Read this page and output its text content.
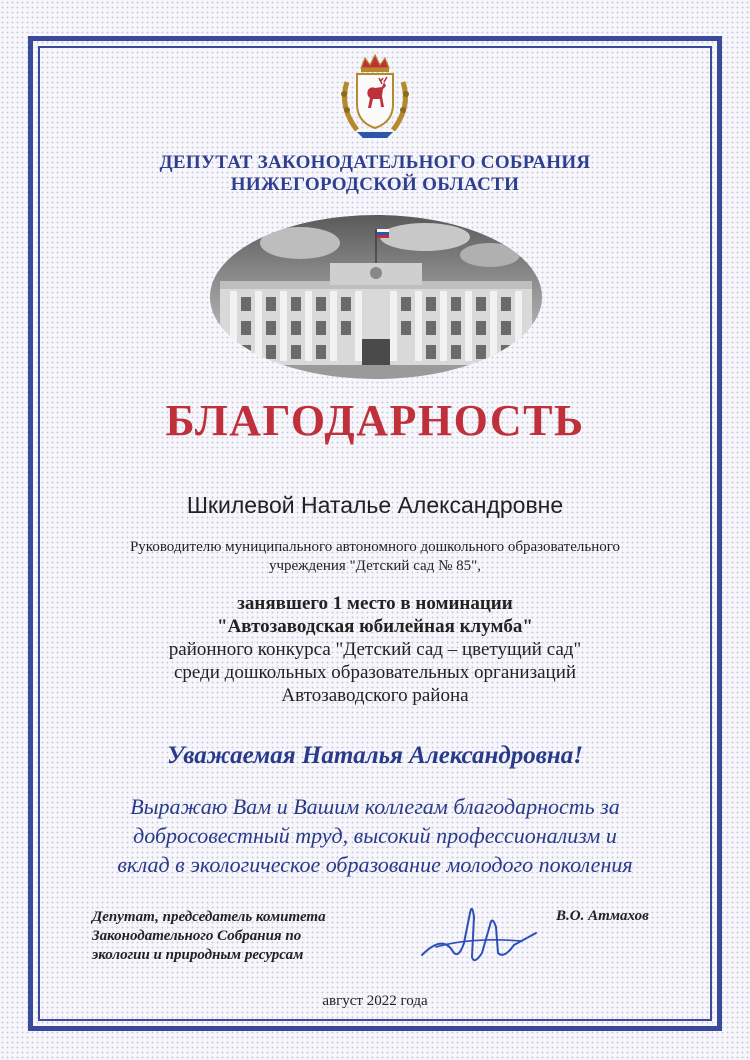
ДЕПУТАТ ЗАКОНОДАТЕЛЬНОГО СОБРАНИЯ
НИЖЕГОРОДСКОЙ ОБЛАСТИ
БЛАГОДАРНОСТЬ
Шкилевой Наталье Александровне
Руководителю муниципального автономного дошкольного образовательного
учреждения "Детский сад № 85",
занявшего 1 место в номинации
"Автозаводская юбилейная клумба"
районного конкурса "Детский сад – цветущий сад"
среди дошкольных образовательных организаций
Автозаводского района
Уважаемая Наталья Александровна!
Выражаю Вам и Вашим коллегам благодарность за
добросовестный труд, высокий профессионализм и
вклад в экологическое образование молодого поколения
Депутат, председатель комитета
Законодательного Собрания по
экологии и природным ресурсам
В.О. Атмахов
август 2022 года
